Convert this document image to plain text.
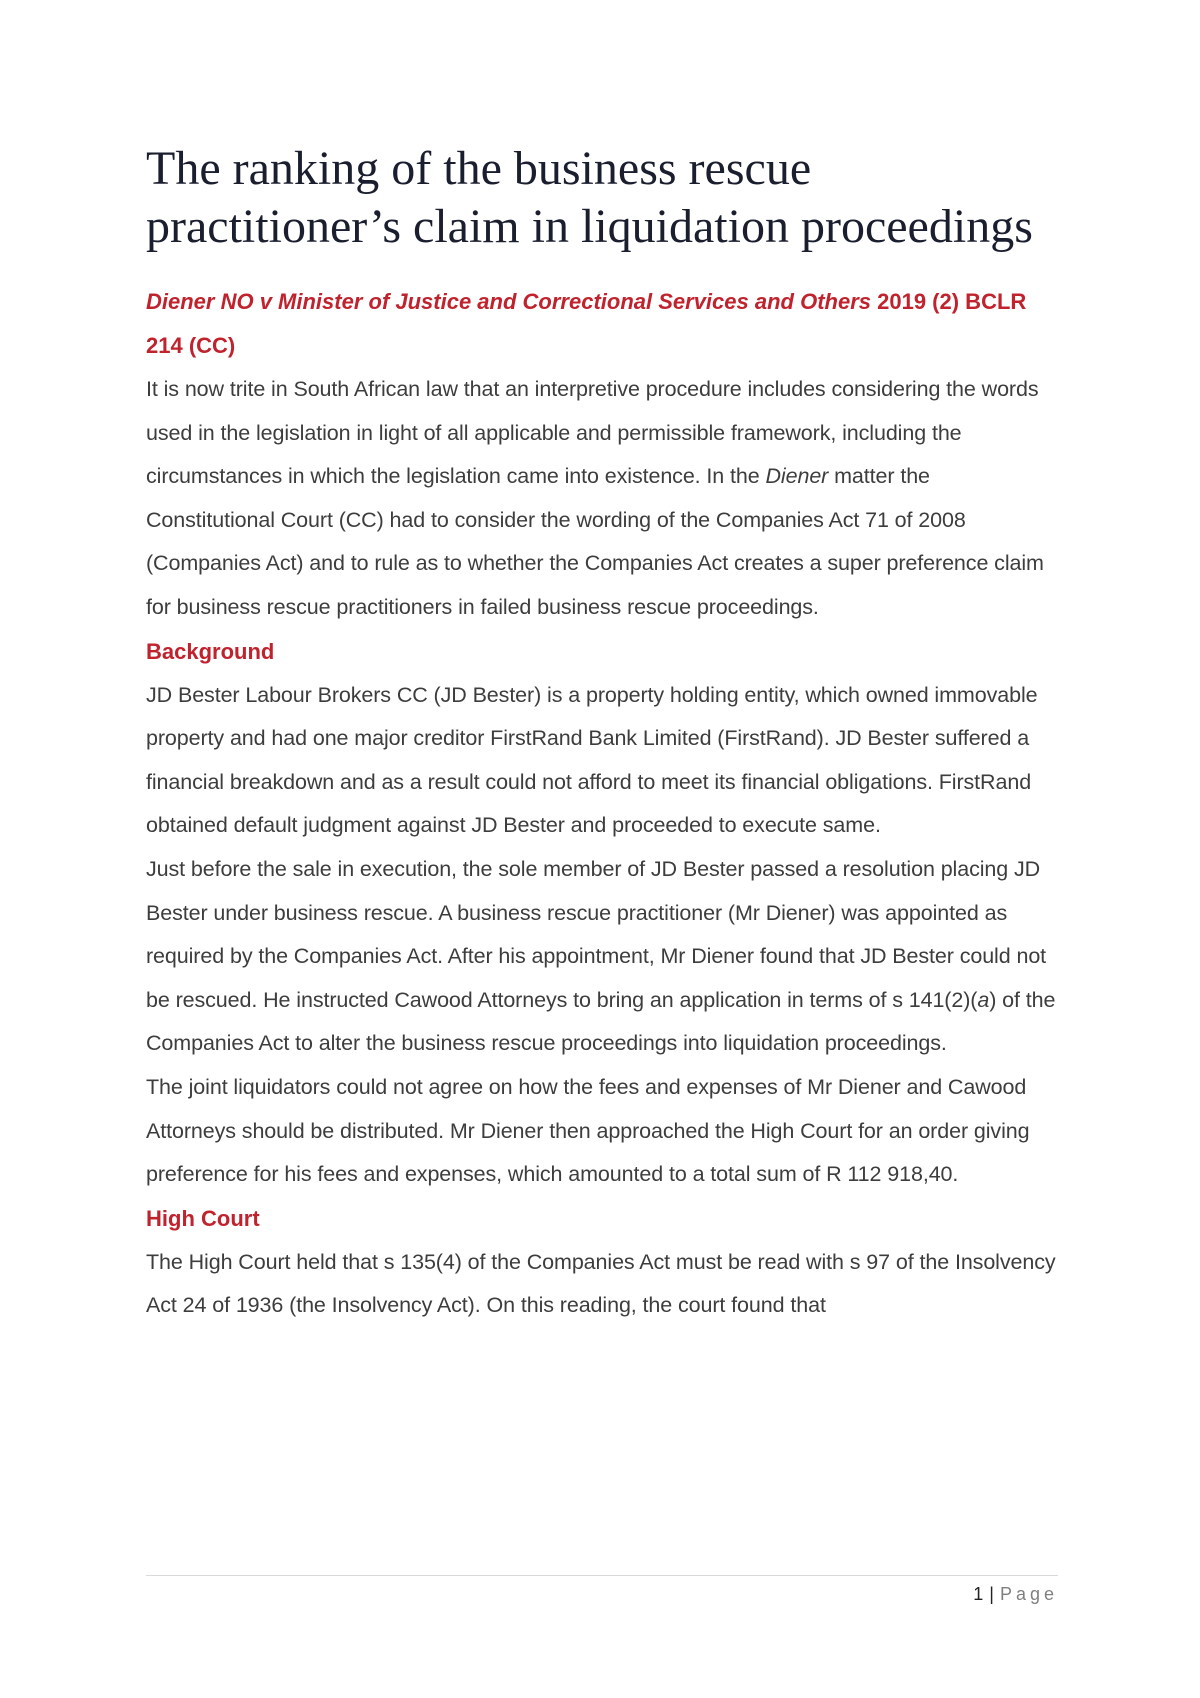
The ranking of the business rescue practitioner’s claim in liquidation proceedings

Diener NO v Minister of Justice and Correctional Services and Others 2019 (2) BCLR 214 (CC)

It is now trite in South African law that an interpretive procedure includes considering the words used in the legislation in light of all applicable and permissible framework, including the circumstances in which the legislation came into existence. In the Diener matter the Constitutional Court (CC) had to consider the wording of the Companies Act 71 of 2008 (Companies Act) and to rule as to whether the Companies Act creates a super preference claim for business rescue practitioners in failed business rescue proceedings.

Background

JD Bester Labour Brokers CC (JD Bester) is a property holding entity, which owned immovable property and had one major creditor FirstRand Bank Limited (FirstRand). JD Bester suffered a financial breakdown and as a result could not afford to meet its financial obligations. FirstRand obtained default judgment against JD Bester and proceeded to execute same.

Just before the sale in execution, the sole member of JD Bester passed a resolution placing JD Bester under business rescue. A business rescue practitioner (Mr Diener) was appointed as required by the Companies Act. After his appointment, Mr Diener found that JD Bester could not be rescued. He instructed Cawood Attorneys to bring an application in terms of s 141(2)(a) of the Companies Act to alter the business rescue proceedings into liquidation proceedings.

The joint liquidators could not agree on how the fees and expenses of Mr Diener and Cawood Attorneys should be distributed. Mr Diener then approached the High Court for an order giving preference for his fees and expenses, which amounted to a total sum of R 112 918,40.

High Court

The High Court held that s 135(4) of the Companies Act must be read with s 97 of the Insolvency Act 24 of 1936 (the Insolvency Act). On this reading, the court found that

1 | Page
